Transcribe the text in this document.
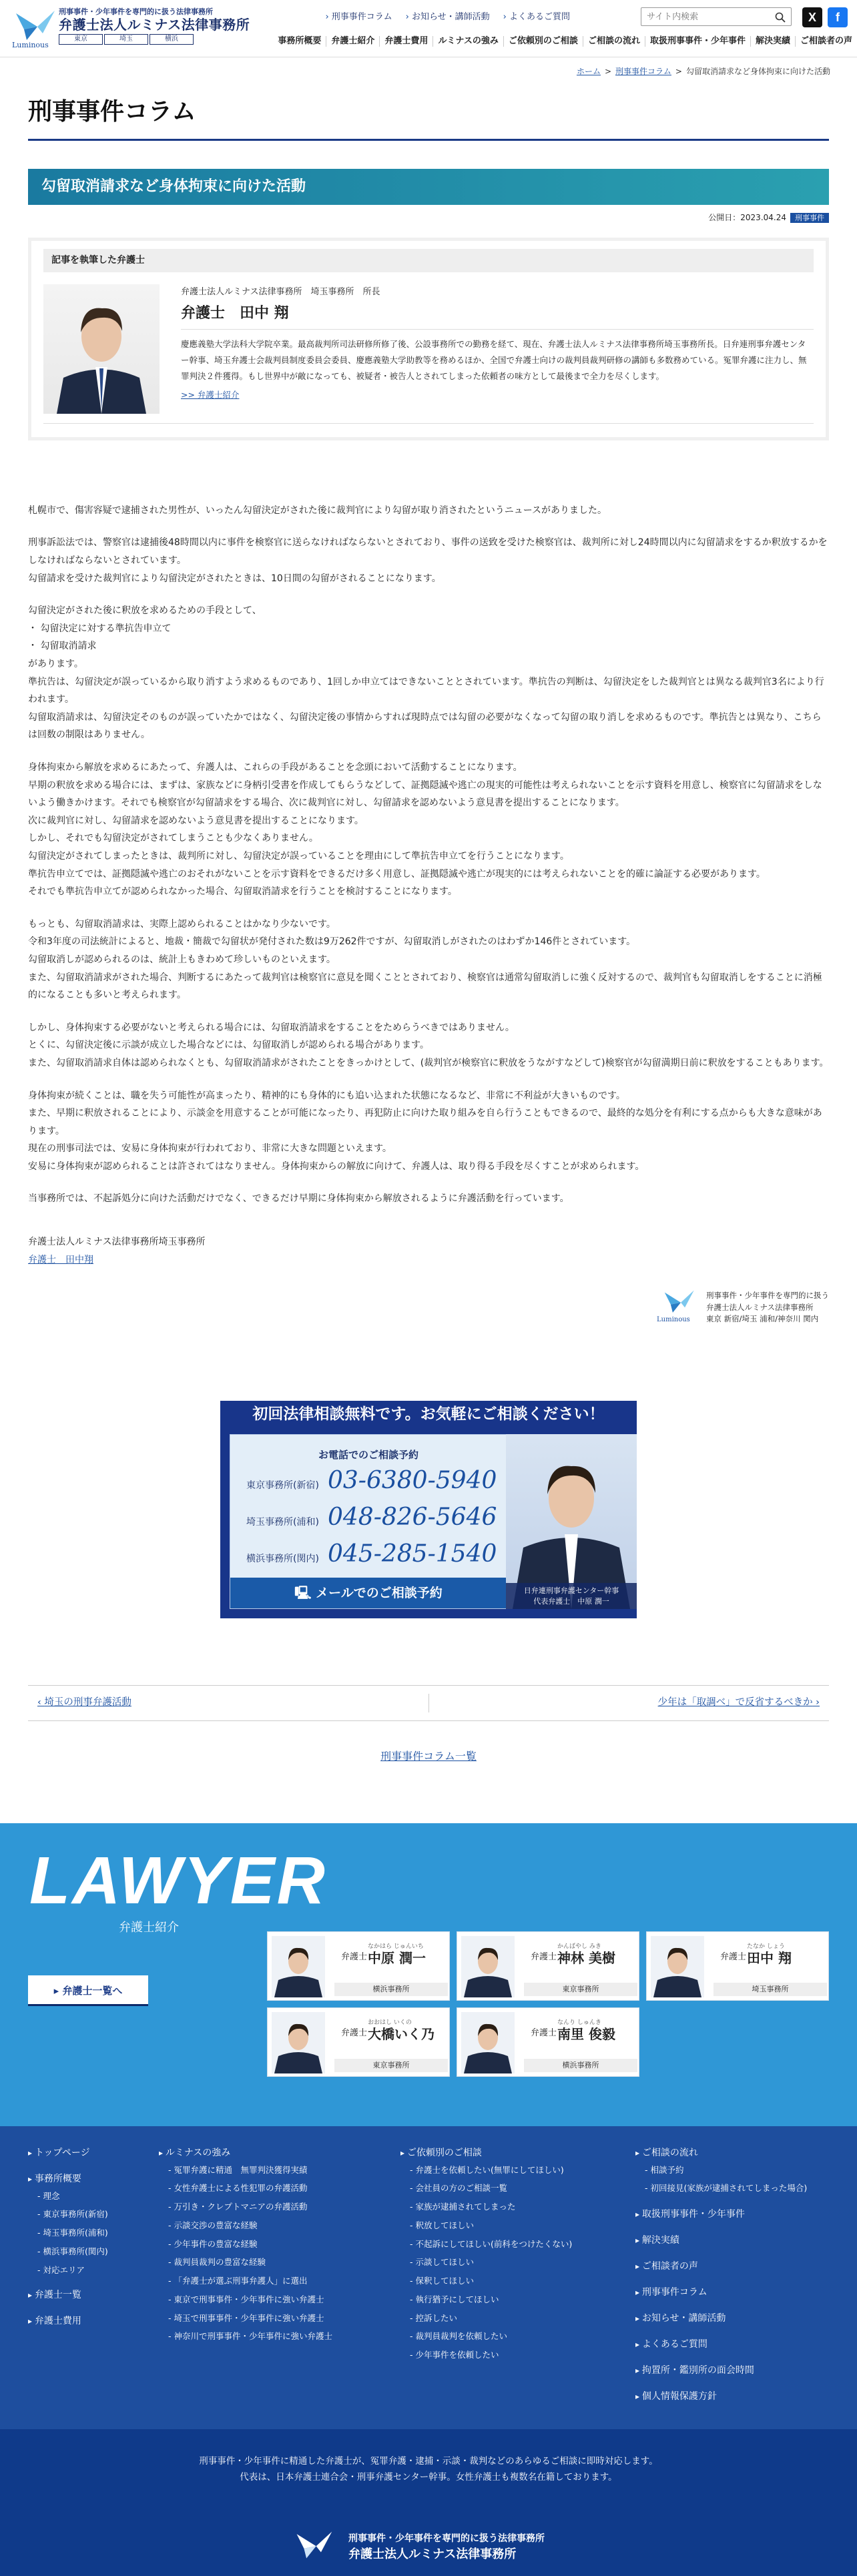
Luminous
刑事事件・少年事件を専門的に扱う法律事務所
弁護士法人ルミナス法律事務所
東京	埼玉	横浜
› 刑事事件コラム	› お知らせ・講師活動	› よくあるご質問
サイト内検索	X	f
事務所概要	弁護士紹介	弁護士費用	ルミナスの強み	ご依頼別のご相談	ご相談の流れ	取扱刑事事件・少年事件	解決実績	ご相談者の声
ホーム > 刑事事件コラム > 勾留取消請求など身体拘束に向けた活動
刑事事件コラム
勾留取消請求など身体拘束に向けた活動
公開日：2023.04.24 刑事事件
記事を執筆した弁護士
弁護士法人ルミナス法律事務所　埼玉事務所　所長
弁護士　田中 翔
慶應義塾大学法科大学院卒業。最高裁判所司法研修所修了後、公設事務所での勤務を経て、現在、弁護士法人ルミナス法律事務所埼玉事務所長。日弁連刑事弁護センター幹事、埼玉弁護士会裁判員制度委員会委員、慶應義塾大学助教等を務めるほか、全国で弁護士向けの裁判員裁判研修の講師も多数務めている。冤罪弁護に注力し、無罪判決２件獲得。もし世界中が敵になっても、被疑者・被告人とされてしまった依頼者の味方として最後まで全力を尽くします。
>> 弁護士紹介

札幌市で、傷害容疑で逮捕された男性が、いったん勾留決定がされた後に裁判官により勾留が取り消されたというニュースがありました。

刑事訴訟法では、警察官は逮捕後48時間以内に事件を検察官に送らなければならないとされており、事件の送致を受けた検察官は、裁判所に対し24時間以内に勾留請求をするか釈放するかをしなければならないとされています。
勾留請求を受けた裁判官により勾留決定がされたときは、10日間の勾留がされることになります。

勾留決定がされた後に釈放を求めるための手段として、
・ 勾留決定に対する準抗告申立て
・ 勾留取消請求
があります。
準抗告は、勾留決定が誤っているから取り消すよう求めるものであり、1回しか申立てはできないこととされています。準抗告の判断は、勾留決定をした裁判官とは異なる裁判官3名により行われます。
勾留取消請求は、勾留決定そのものが誤っていたかではなく、勾留決定後の事情からすれば現時点では勾留の必要がなくなって勾留の取り消しを求めるものです。準抗告とは異なり、こちらは回数の制限はありません。

身体拘束から解放を求めるにあたって、弁護人は、これらの手段があることを念頭において活動することになります。
早期の釈放を求める場合には、まずは、家族などに身柄引受書を作成してもらうなどして、証拠隠滅や逃亡の現実的可能性は考えられないことを示す資料を用意し、検察官に勾留請求をしないよう働きかけます。それでも検察官が勾留請求をする場合、次に裁判官に対し、勾留請求を認めないよう意見書を提出することになります。
次に裁判官に対し、勾留請求を認めないよう意見書を提出することになります。
しかし、それでも勾留決定がされてしまうことも少なくありません。
勾留決定がされてしまったときは、裁判所に対し、勾留決定が誤っていることを理由にして準抗告申立てを行うことになります。
準抗告申立てでは、証拠隠滅や逃亡のおそれがないことを示す資料をできるだけ多く用意し、証拠隠滅や逃亡が現実的には考えられないことを的確に論証する必要があります。
それでも準抗告申立てが認められなかった場合、勾留取消請求を行うことを検討することになります。

もっとも、勾留取消請求は、実際上認められることはかなり少ないです。
令和3年度の司法統計によると、地裁・簡裁で勾留状が発付された数は9万262件ですが、勾留取消しがされたのはわずか146件とされています。
勾留取消しが認められるのは、統計上もきわめて珍しいものといえます。
また、勾留取消請求がされた場合、判断するにあたって裁判官は検察官に意見を聞くこととされており、検察官は通常勾留取消しに強く反対するので、裁判官も勾留取消しをすることに消極的になることも多いと考えられます。

しかし、身体拘束する必要がないと考えられる場合には、勾留取消請求をすることをためらうべきではありません。
とくに、勾留決定後に示談が成立した場合などには、勾留取消しが認められる場合があります。
また、勾留取消請求自体は認められなくとも、勾留取消請求がされたことをきっかけとして、(裁判官が検察官に釈放をうながすなどして)検察官が勾留満期日前に釈放をすることもあります。

身体拘束が続くことは、職を失う可能性が高まったり、精神的にも身体的にも追い込まれた状態になるなど、非常に不利益が大きいものです。
また、早期に釈放されることにより、示談金を用意することが可能になったり、再犯防止に向けた取り組みを自ら行うこともできるので、最終的な処分を有利にする点からも大きな意味があります。
現在の刑事司法では、安易に身体拘束が行われており、非常に大きな問題といえます。
安易に身体拘束が認められることは許されてはなりません。身体拘束からの解放に向けて、弁護人は、取り得る手段を尽くすことが求められます。

当事務所では、不起訴処分に向けた活動だけでなく、できるだけ早期に身体拘束から解放されるように弁護活動を行っています。

弁護士法人ルミナス法律事務所埼玉事務所
弁護士　田中翔
Luminous
刑事事件・少年事件を専門的に扱う
弁護士法人ルミナス法律事務所
東京 新宿/埼玉 浦和/神奈川 関内
初回法律相談無料です。お気軽にご相談ください！
お電話でのご相談予約
東京事務所(新宿) 03-6380-5940
埼玉事務所(浦和) 048-826-5646
横浜事務所(関内) 045-285-1540
🖳 メールでのご相談予約	日弁連刑事弁護センター幹事
代表弁護士　中原 潤一
‹ 埼玉の刑事弁護活動	少年は「取調べ」で反省するべきか ›
刑事事件コラム一覧
LAWYER
弁護士紹介
▸ 弁護士一覧へ
弁護士
なかはら じゅんいち
中原 潤一
横浜事務所
弁護士
かんばやし みき
神林 美樹
東京事務所
弁護士
たなか しょう
田中 翔
埼玉事務所
弁護士
おおはし いくの
大橋いく乃
東京事務所
弁護士
なんり しゅんき
南里 俊毅
横浜事務所
▸ トップページ
▸ 事務所概要
- 理念
- 東京事務所(新宿)
- 埼玉事務所(浦和)
- 横浜事務所(関内)
- 対応エリア
▸ 弁護士一覧
▸ 弁護士費用
▸ ルミナスの強み
- 冤罪弁護に精通　無罪判決獲得実績
- 女性弁護士による性犯罪の弁護活動
- 万引き・クレプトマニアの弁護活動
- 示談交渉の豊富な経験
- 少年事件の豊富な経験
- 裁判員裁判の豊富な経験
- 「弁護士が選ぶ刑事弁護人」に選出
- 東京で刑事事件・少年事件に強い弁護士
- 埼玉で刑事事件・少年事件に強い弁護士
- 神奈川で刑事事件・少年事件に強い弁護士
▸ ご依頼別のご相談
- 弁護士を依頼したい(無罪にしてほしい)
- 会社員の方のご相談一覧
- 家族が逮捕されてしまった
- 釈放してほしい
- 不起訴にしてほしい(前科をつけたくない)
- 示談してほしい
- 保釈してほしい
- 執行猶予にしてほしい
- 控訴したい
- 裁判員裁判を依頼したい
- 少年事件を依頼したい
▸ ご相談の流れ
- 相談予約
- 初回接見(家族が逮捕されてしまった場合)
▸ 取扱刑事事件・少年事件
▸ 解決実績
▸ ご相談者の声
▸ 刑事事件コラム
▸ お知らせ・講師活動
▸ よくあるご質問
▸ 拘置所・鑑別所の面会時間
▸ 個人情報保護方針
刑事事件・少年事件に精通した弁護士が、冤罪弁護・逮捕・示談・裁判などのあらゆるご相談に即時対応します。
代表は、日本弁護士連合会・刑事弁護センター幹事。女性弁護士も複数名在籍しております。
刑事事件・少年事件を専門的に扱う法律事務所
弁護士法人ルミナス法律事務所
